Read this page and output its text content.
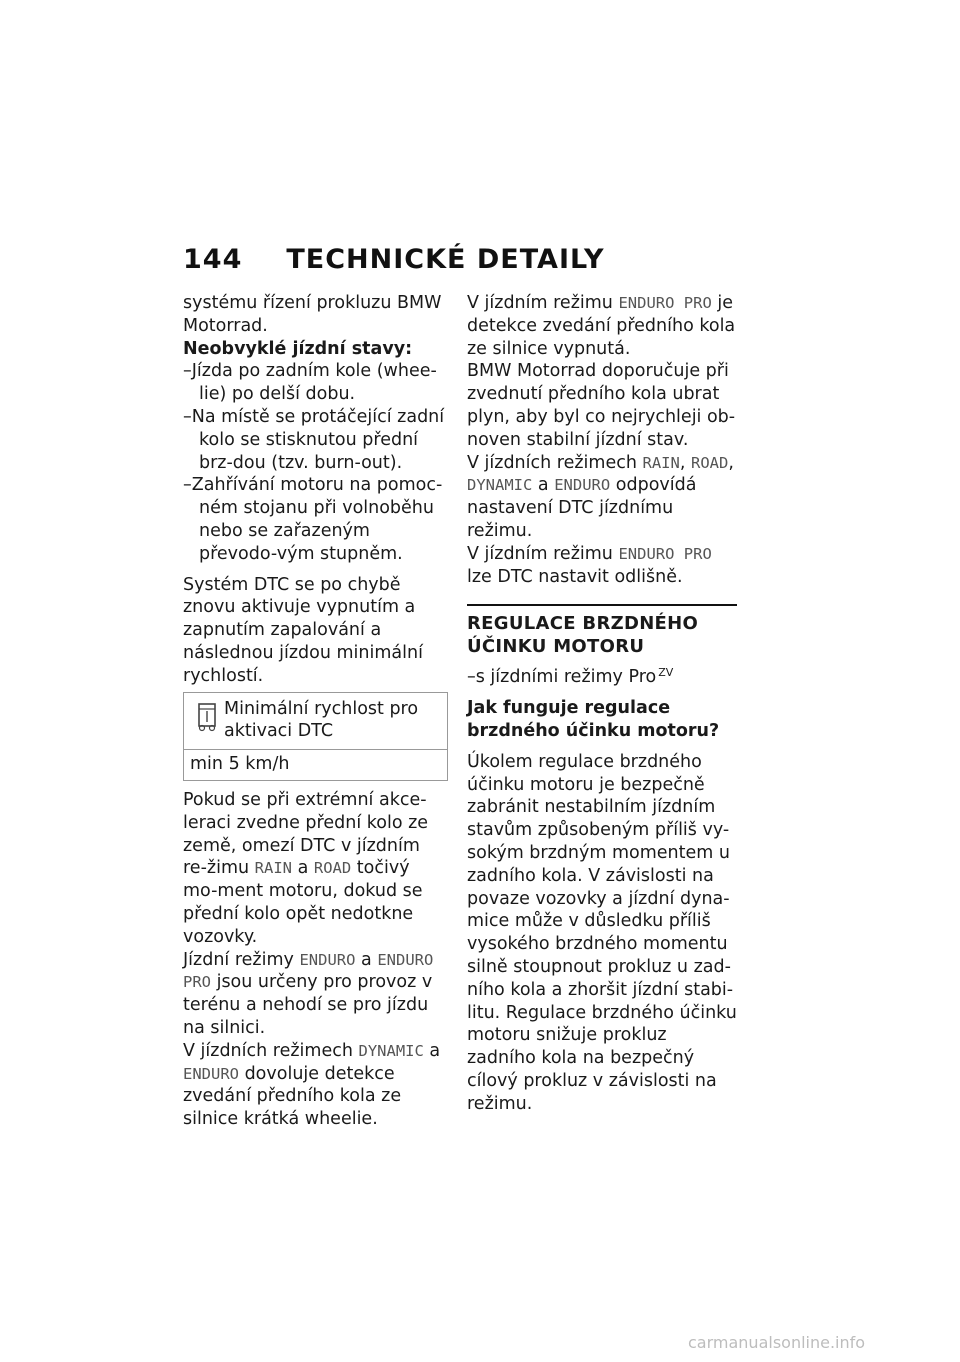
144 TECHNICKÉ DETAILY

systému řízení prokluzu BMW Motorrad.

Neobvyklé jízdní stavy:

–Jízda po zadním kole (whee-lie) po delší dobu.

–Na místě se protáčející zadní kolo se stisknutou přední brz-dou (tzv. burn-out).

–Zahřívání motoru na pomoc-ném stojanu při volnoběhu nebo se zařazeným převodo-vým stupněm.

Systém DTC se po chybě znovu aktivuje vypnutím a zapnutím zapalování a následnou jízdou minimální rychlostí.

Minimální rychlost pro aktivaci DTC
min 5 km/h

Pokud se při extrémní akce-leraci zvedne přední kolo ze země, omezí DTC v jízdním re-žimu RAIN a ROAD točivý mo-ment motoru, dokud se přední kolo opět nedotkne vozovky.

Jízdní režimy ENDURO a ENDURO PRO jsou určeny pro provoz v terénu a nehodí se pro jízdu na silnici.

V jízdních režimech DYNAMIC a ENDURO dovoluje detekce zvedání předního kola ze silnice krátká wheelie.

V jízdním režimu ENDURO PRO je detekce zvedání předního kola ze silnice vypnutá.

BMW Motorrad doporučuje při zvednutí předního kola ubrat plyn, aby byl co nejrychleji ob-noven stabilní jízdní stav.

V jízdních režimech RAIN, ROAD, DYNAMIC a ENDURO odpovídá nastavení DTC jízdnímu režimu.

V jízdním režimu ENDURO PRO lze DTC nastavit odlišně.

REGULACE BRZDNÉHO
ÚČINKU MOTORU

–s jízdními režimy Pro $^{ZV}$

Jak funguje regulace brzdného účinku motoru?

Úkolem regulace brzdného účinku motoru je bezpečně zabránit nestabilním jízdním stavům způsobeným příliš vy-sokým brzdným momentem u zadního kola. V závislosti na povaze vozovky a jízdní dyna-mice může v důsledku příliš vysokého brzdného momentu silně stoupnout prokluz u zad-ního kola a zhoršit jízdní stabi-litu. Regulace brzdného účinku motoru snižuje prokluz zadního kola na bezpečný cílový prokluz v závislosti na režimu.

carmanualsonline.info
